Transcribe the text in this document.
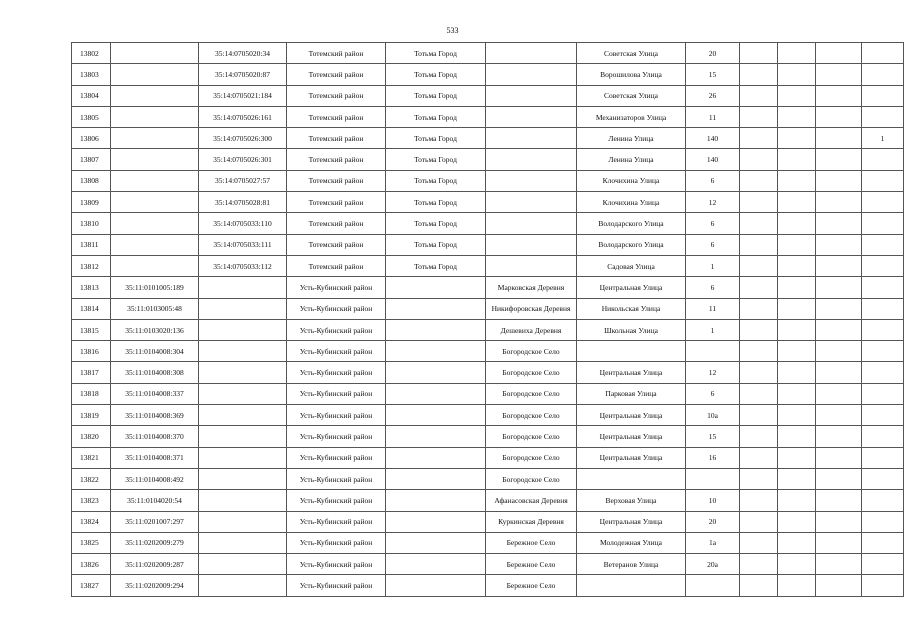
533
13802		35:14:0705020:34	Тотемский район	Тотьма Город		Советская Улица	20				
13803		35:14:0705020:87	Тотемский район	Тотьма Город		Ворошилова Улица	15				
13804		35:14:0705021:184	Тотемский район	Тотьма Город		Советская Улица	26				
13805		35:14:0705026:161	Тотемский район	Тотьма Город		Механизаторов Улица	11				
13806		35:14:0705026:300	Тотемский район	Тотьма Город		Ленина Улица	140				1
13807		35:14:0705026:301	Тотемский район	Тотьма Город		Ленина Улица	140				
13808		35:14:0705027:57	Тотемский район	Тотьма Город		Клочихина Улица	6				
13809		35:14:0705028:81	Тотемский район	Тотьма Город		Клочихина Улица	12				
13810		35:14:0705033:110	Тотемский район	Тотьма Город		Володарского Улица	6				
13811		35:14:0705033:111	Тотемский район	Тотьма Город		Володарского Улица	6				
13812		35:14:0705033:112	Тотемский район	Тотьма Город		Садовая Улица	1				
13813	35:11:0101005:189		Усть-Кубинский район		Марковская Деревня	Центральная Улица	6				
13814	35:11:0103005:48		Усть-Кубинский район		Никифоровская Деревня	Никольская Улица	11				
13815	35:11:0103020:136		Усть-Кубинский район		Дешевиха Деревня	Школьная Улица	1				
13816	35:11:0104008:304		Усть-Кубинский район		Богородское Село						
13817	35:11:0104008:308		Усть-Кубинский район		Богородское Село	Центральная Улица	12				
13818	35:11:0104008:337		Усть-Кубинский район		Богородское Село	Парковая Улица	6				
13819	35:11:0104008:369		Усть-Кубинский район		Богородское Село	Центральная Улица	10а				
13820	35:11:0104008:370		Усть-Кубинский район		Богородское Село	Центральная Улица	15				
13821	35:11:0104008:371		Усть-Кубинский район		Богородское Село	Центральная Улица	16				
13822	35:11:0104008:492		Усть-Кубинский район		Богородское Село						
13823	35:11:0104020:54		Усть-Кубинский район		Афанасовская Деревня	Верховая Улица	10				
13824	35:11:0201007:297		Усть-Кубинский район		Куркинская Деревня	Центральная Улица	20				
13825	35:11:0202009:279		Усть-Кубинский район		Бережное Село	Молодежная Улица	1а				
13826	35:11:0202009:287		Усть-Кубинский район		Бережное Село	Ветеранов Улица	20а				
13827	35:11:0202009:294		Усть-Кубинский район		Бережное Село						
